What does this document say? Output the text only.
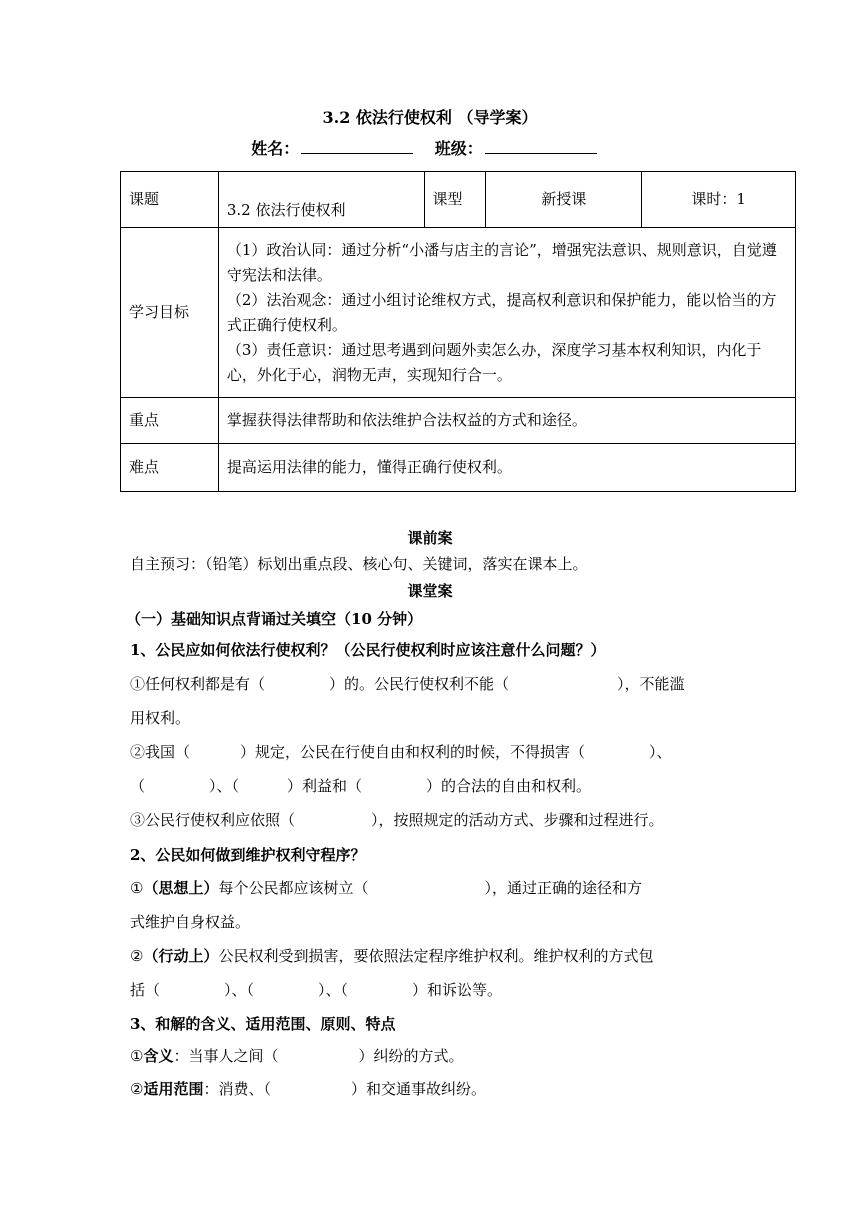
3.2 依法行使权利 （导学案）
姓名：	班级：
课题	3.2 依法行使权利	课型	新授课	课时：1
学习目标	（1）政治认同：通过分析“小潘与店主的言论”，增强宪法意识、规则意识，自觉遵守宪法和法律。
（2）法治观念：通过小组讨论维权方式，提高权利意识和保护能力，能以恰当的方式正确行使权利。
（3）责任意识：通过思考遇到问题外卖怎么办，深度学习基本权利知识，内化于心，外化于心，润物无声，实现知行合一。			

重点	掌握获得法律帮助和依法维护合法权益的方式和途径。			
难点	提高运用法律的能力，懂得正确行使权利。			
课前案
自主预习：（铅笔）标划出重点段、核心句、关键词，落实在课本上。
课堂案
（一）基础知识点背诵过关填空（10 分钟）
1、公民应如何依法行使权利？（公民行使权利时应该注意什么问题？）
①任何权利都是有（	）的。公民行使权利不能（	），不能滥
用权利。
②我国（	）规定，公民在行使自由和权利的时候，不得损害（	）、
（	）、（	）利益和（	）的合法的自由和权利。
③公民行使权利应依照（	），按照规定的活动方式、步骤和过程进行。
2、公民如何做到维护权利守程序？
①（思想上）每个公民都应该树立（	），通过正确的途径和方
式维护自身权益。
②（行动上）公民权利受到损害，要依照法定程序维护权利。维护权利的方式包
括（	）、（	）、（	）和诉讼等。
3、和解的含义、适用范围、原则、特点
①含义：当事人之间（	）纠纷的方式。
②适用范围：消费、（	）和交通事故纠纷。
